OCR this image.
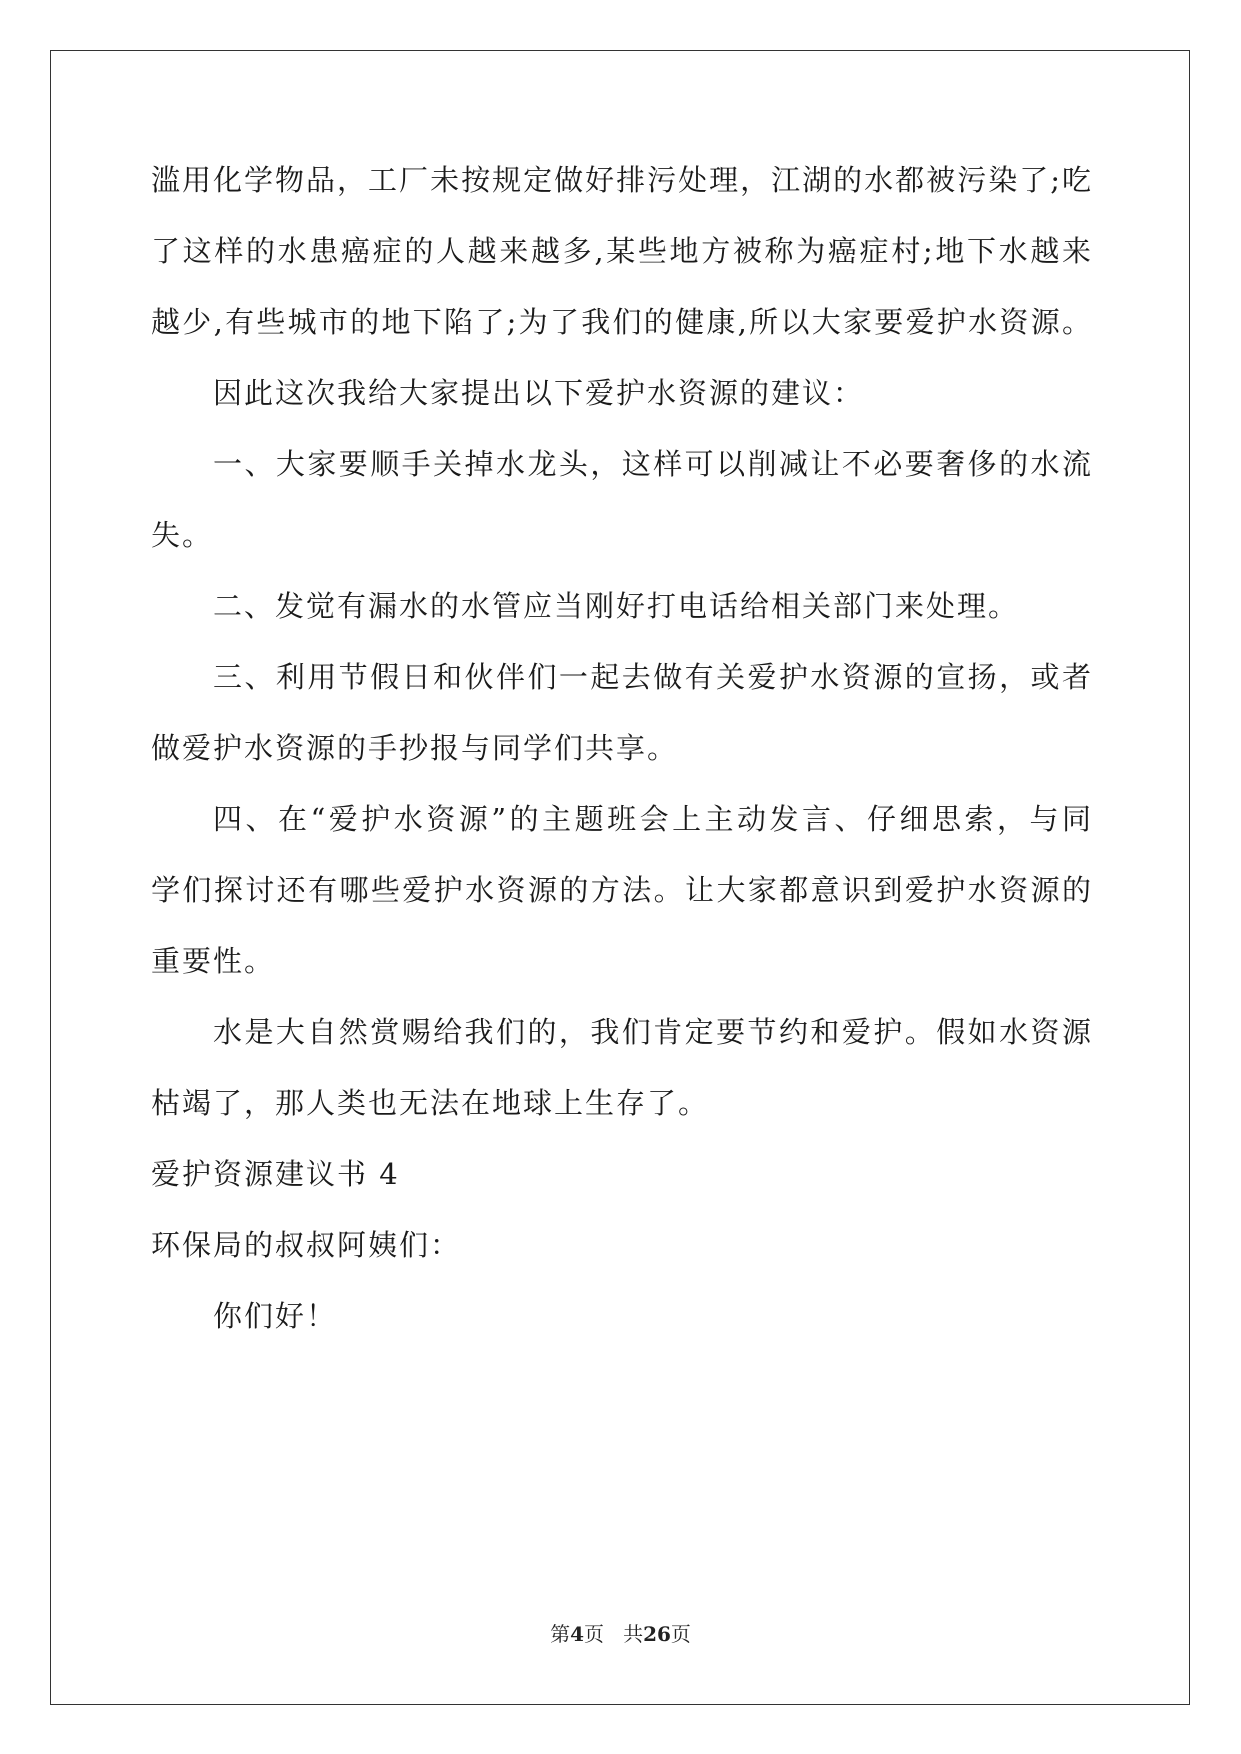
滥用化学物品，工厂未按规定做好排污处理，江湖的水都被污染了;吃
了这样的水患癌症的人越来越多,某些地方被称为癌症村;地下水越来
越少,有些城市的地下陷了;为了我们的健康,所以大家要爱护水资源。
因此这次我给大家提出以下爱护水资源的建议：
一、大家要顺手关掉水龙头，这样可以削减让不必要奢侈的水流
失。
二、发觉有漏水的水管应当刚好打电话给相关部门来处理。
三、利用节假日和伙伴们一起去做有关爱护水资源的宣扬，或者
做爱护水资源的手抄报与同学们共享。
四、在“爱护水资源”的主题班会上主动发言、仔细思索，与同
学们探讨还有哪些爱护水资源的方法。让大家都意识到爱护水资源的
重要性。
水是大自然赏赐给我们的，我们肯定要节约和爱护。假如水资源
枯竭了，那人类也无法在地球上生存了。
爱护资源建议书 4
环保局的叔叔阿姨们：
你们好！
第4页 共26页
